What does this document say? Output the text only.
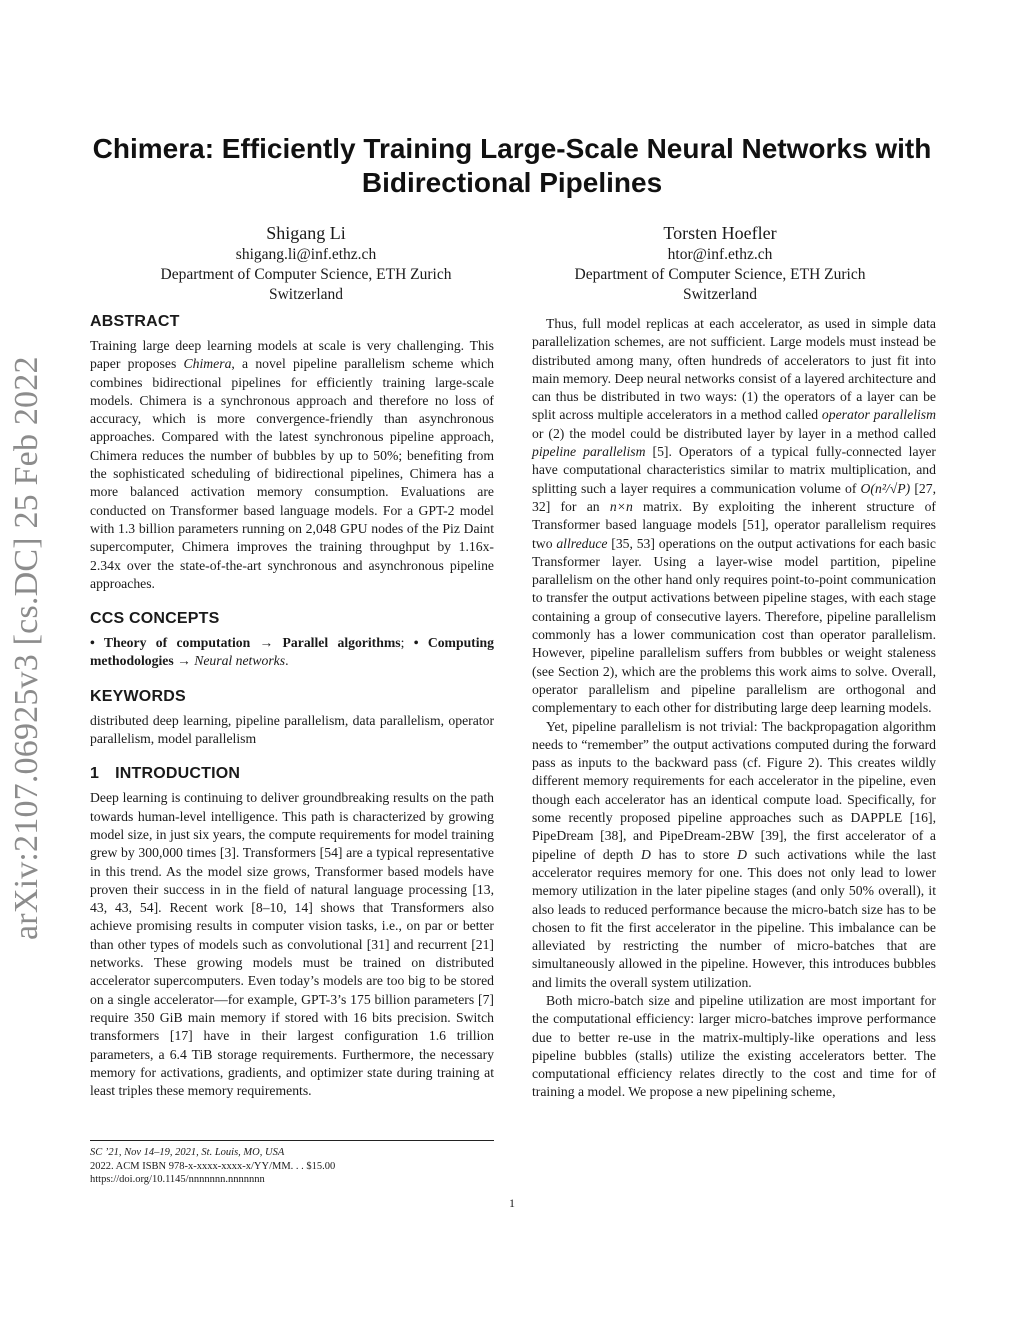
arXiv:2107.06925v3 [cs.DC] 25 Feb 2022
Chimera: Efficiently Training Large-Scale Neural Networks with Bidirectional Pipelines
Shigang Li
shigang.li@inf.ethz.ch
Department of Computer Science, ETH Zurich
Switzerland
Torsten Hoefler
htor@inf.ethz.ch
Department of Computer Science, ETH Zurich
Switzerland
ABSTRACT

Training large deep learning models at scale is very challenging. This paper proposes Chimera, a novel pipeline parallelism scheme which combines bidirectional pipelines for efficiently training large-scale models. Chimera is a synchronous approach and therefore no loss of accuracy, which is more convergence-friendly than asynchronous approaches. Compared with the latest synchronous pipeline approach, Chimera reduces the number of bubbles by up to 50%; benefiting from the sophisticated scheduling of bidirectional pipelines, Chimera has a more balanced activation memory consumption. Evaluations are conducted on Transformer based language models. For a GPT-2 model with 1.3 billion parameters running on 2,048 GPU nodes of the Piz Daint supercomputer, Chimera improves the training throughput by 1.16x-2.34x over the state-of-the-art synchronous and asynchronous pipeline approaches.

CCS CONCEPTS

• Theory of computation → Parallel algorithms; • Computing methodologies → Neural networks.

KEYWORDS

distributed deep learning, pipeline parallelism, data parallelism, operator parallelism, model parallelism

1 INTRODUCTION

Deep learning is continuing to deliver groundbreaking results on the path towards human-level intelligence. This path is characterized by growing model size, in just six years, the compute requirements for model training grew by 300,000 times [3]. Transformers [54] are a typical representative in this trend. As the model size grows, Transformer based models have proven their success in in the field of natural language processing [13, 43, 43, 54]. Recent work [8–10, 14] shows that Transformers also achieve promising results in computer vision tasks, i.e., on par or better than other types of models such as convolutional [31] and recurrent [21] networks. These growing models must be trained on distributed accelerator supercomputers. Even today’s models are too big to be stored on a single accelerator—for example, GPT-3’s 175 billion parameters [7] require 350 GiB main memory if stored with 16 bits precision. Switch transformers [17] have in their largest configuration 1.6 trillion parameters, a 6.4 TiB storage requirements. Furthermore, the necessary memory for activations, gradients, and optimizer state during training at least triples these memory requirements.

Thus, full model replicas at each accelerator, as used in simple data parallelization schemes, are not sufficient. Large models must instead be distributed among many, often hundreds of accelerators to just fit into main memory. Deep neural networks consist of a layered architecture and can thus be distributed in two ways: (1) the operators of a layer can be split across multiple accelerators in a method called operator parallelism or (2) the model could be distributed layer by layer in a method called pipeline parallelism [5]. Operators of a typical fully-connected layer have computational characteristics similar to matrix multiplication, and splitting such a layer requires a communication volume of O(n²/√P) [27, 32] for an n×n matrix. By exploiting the inherent structure of Transformer based language models [51], operator parallelism requires two allreduce [35, 53] operations on the output activations for each basic Transformer layer. Using a layer-wise model partition, pipeline parallelism on the other hand only requires point-to-point communication to transfer the output activations between pipeline stages, with each stage containing a group of consecutive layers. Therefore, pipeline parallelism commonly has a lower communication cost than operator parallelism. However, pipeline parallelism suffers from bubbles or weight staleness (see Section 2), which are the problems this work aims to solve. Overall, operator parallelism and pipeline parallelism are orthogonal and complementary to each other for distributing large deep learning models.

Yet, pipeline parallelism is not trivial: The backpropagation algorithm needs to “remember” the output activations computed during the forward pass as inputs to the backward pass (cf. Figure 2). This creates wildly different memory requirements for each accelerator in the pipeline, even though each accelerator has an identical compute load. Specifically, for some recently proposed pipeline approaches such as DAPPLE [16], PipeDream [38], and PipeDream-2BW [39], the first accelerator of a pipeline of depth D has to store D such activations while the last accelerator requires memory for one. This does not only lead to lower memory utilization in the later pipeline stages (and only 50% overall), it also leads to reduced performance because the micro-batch size has to be chosen to fit the first accelerator in the pipeline. This imbalance can be alleviated by restricting the number of micro-batches that are simultaneously allowed in the pipeline. However, this introduces bubbles and limits the overall system utilization.

Both micro-batch size and pipeline utilization are most important for the computational efficiency: larger micro-batches improve performance due to better re-use in the matrix-multiply-like operations and less pipeline bubbles (stalls) utilize the existing accelerators better. The computational efficiency relates directly to the cost and time for of training a model. We propose a new pipelining scheme,

SC ’21, Nov 14–19, 2021, St. Louis, MO, USA
2022. ACM ISBN 978-x-xxxx-xxxx-x/YY/MM. . . $15.00
https://doi.org/10.1145/nnnnnnn.nnnnnnn
1
